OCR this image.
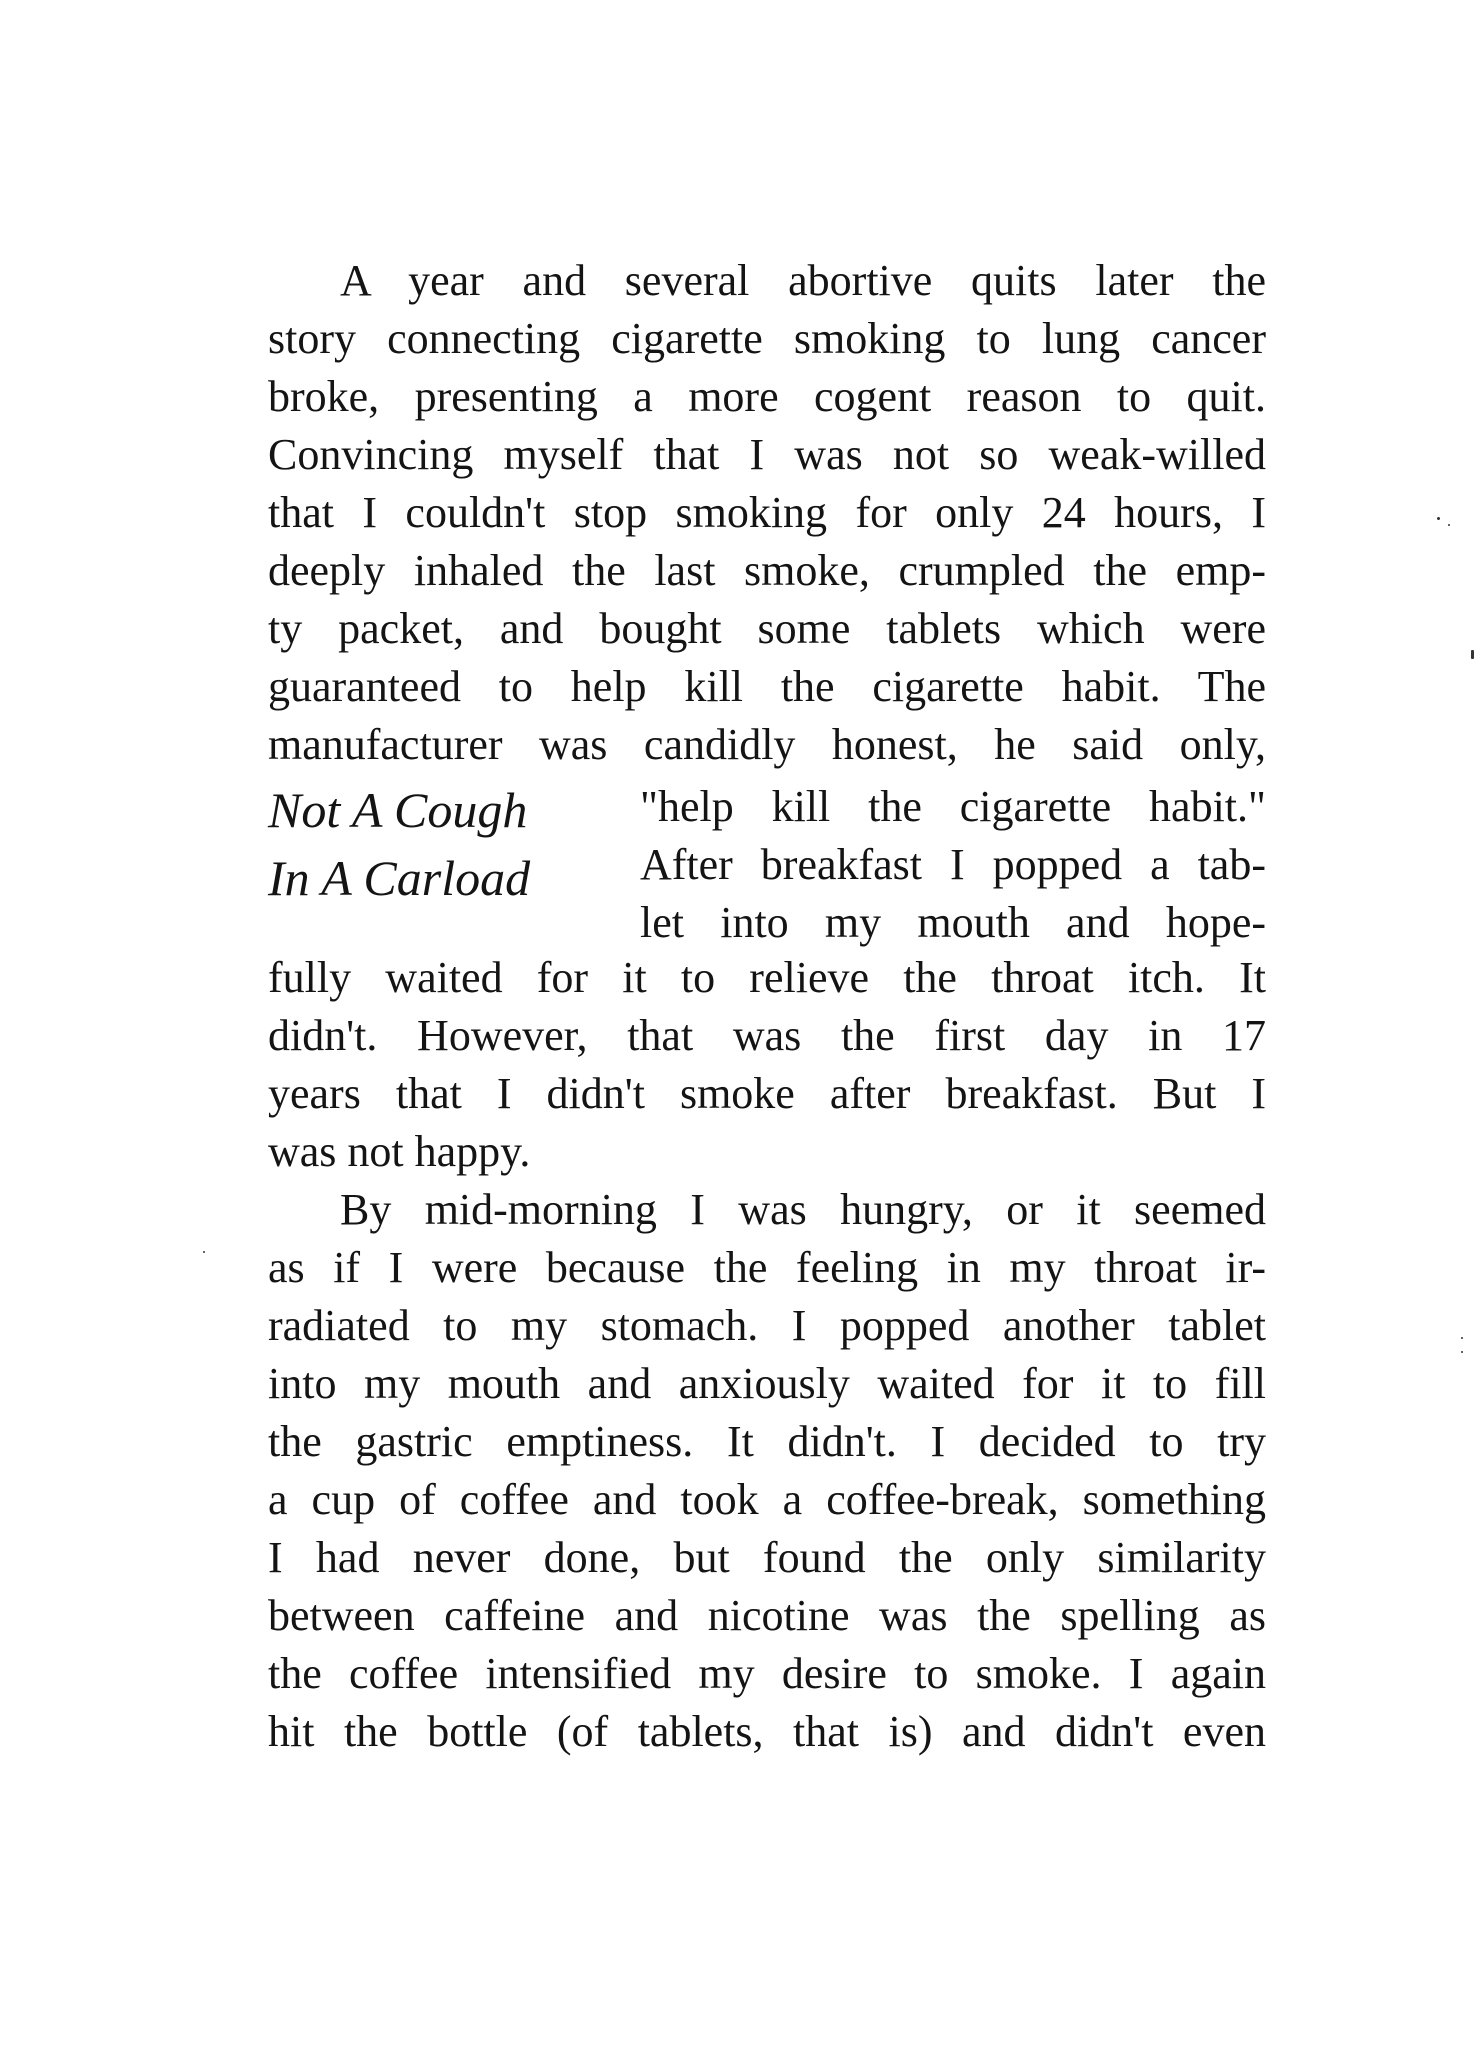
A year and several abortive quits later the
story connecting cigarette smoking to lung cancer
broke, presenting a more cogent reason to quit.
Convincing myself that I was not so weak-willed
that I couldn't stop smoking for only 24 hours, I
deeply inhaled the last smoke, crumpled the emp-
ty packet, and bought some tablets which were
guaranteed to help kill the cigarette habit. The
manufacturer was candidly honest, he said only,
Not A Cough
In A Carload
"help kill the cigarette habit."
After breakfast I popped a tab-
let into my mouth and hope-
fully waited for it to relieve the throat itch. It
didn't. However, that was the first day in 17
years that I didn't smoke after breakfast. But I
was not happy.
By mid-morning I was hungry, or it seemed
as if I were because the feeling in my throat ir-
radiated to my stomach. I popped another tablet
into my mouth and anxiously waited for it to fill
the gastric emptiness. It didn't. I decided to try
a cup of coffee and took a coffee-break, something
I had never done, but found the only similarity
between caffeine and nicotine was the spelling as
the coffee intensified my desire to smoke. I again
hit the bottle (of tablets, that is) and didn't even
